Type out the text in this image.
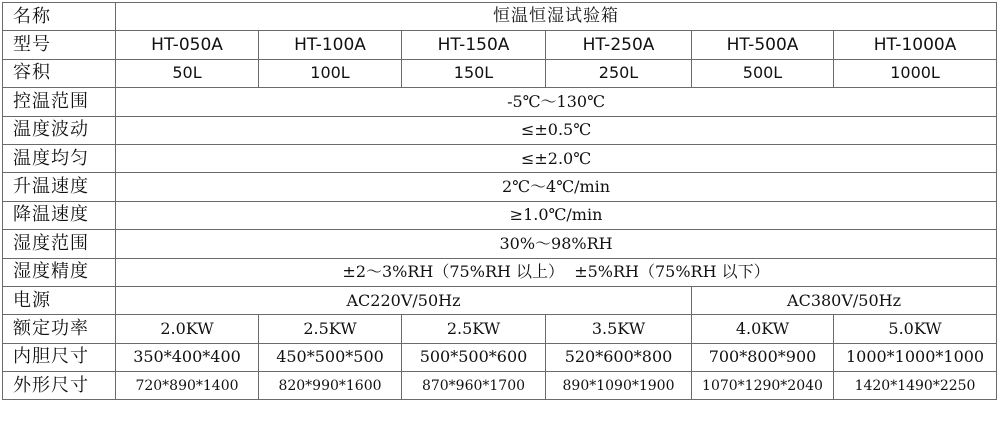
名称	恒温恒湿试验箱					
型号	HT-050A	HT-100A	HT-150A	HT-250A	HT-500A	HT-1000A
容积	50L	100L	150L	250L	500L	1000L
控温范围	-5℃～130℃					
温度波动	≤±0.5℃					
温度均匀	≤±2.0℃					
升温速度	2℃～4℃/min					
降温速度	≥1.0℃/min					
湿度范围	30%～98%RH					
湿度精度	±2～3%RH（75%RH 以上）  ±5%RH（75%RH 以下）					
电源	AC220V/50Hz				AC380V/50Hz	
额定功率	2.0KW	2.5KW	2.5KW	3.5KW	4.0KW	5.0KW
内胆尺寸	350*400*400	450*500*500	500*500*600	520*600*800	700*800*900	1000*1000*1000
外形尺寸	720*890*1400	820*990*1600	870*960*1700	890*1090*1900	1070*1290*2040	1420*1490*2250
